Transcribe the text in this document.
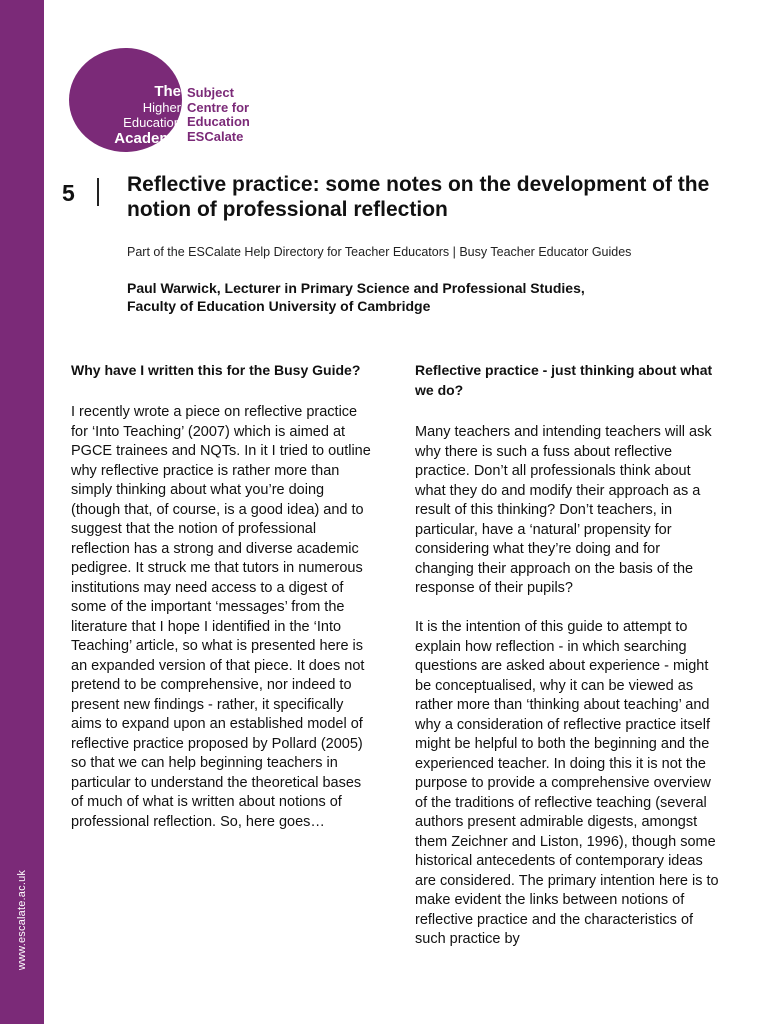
www.escalate.ac.uk
The
Higher
Education
Academy
Subject
Centre for
Education
ESCalate
5 Reflective practice: some notes on the development of the notion of professional reflection
Part of the ESCalate Help Directory for Teacher Educators | Busy Teacher Educator Guides
Paul Warwick, Lecturer in Primary Science and Professional Studies,
Faculty of Education University of Cambridge
Why have I written this for the Busy Guide?

I recently wrote a piece on reflective practice for ‘Into Teaching’ (2007) which is aimed at PGCE trainees and NQTs. In it I tried to outline why reflective practice is rather more than simply thinking about what you’re doing (though that, of course, is a good idea) and to suggest that the notion of professional reflection has a strong and diverse academic pedigree. It struck me that tutors in numerous institutions may need access to a digest of some of the important ‘messages’ from the literature that I hope I identified in the ‘Into Teaching’ article, so what is presented here is an expanded version of that piece. It does not pretend to be comprehensive, nor indeed to present new findings - rather, it specifically aims to expand upon an established model of reflective practice proposed by Pollard (2005) so that we can help beginning teachers in particular to understand the theoretical bases of much of what is written about notions of professional reflection. So, here goes…

Reflective practice - just thinking about what we do?

Many teachers and intending teachers will ask why there is such a fuss about reflective practice. Don’t all professionals think about what they do and modify their approach as a result of this thinking? Don’t teachers, in particular, have a ‘natural’ propensity for considering what they’re doing and for changing their approach on the basis of the response of their pupils?

It is the intention of this guide to attempt to explain how reflection - in which searching questions are asked about experience - might be conceptualised, why it can be viewed as rather more than ‘thinking about teaching’ and why a consideration of reflective practice itself might be helpful to both the beginning and the experienced teacher. In doing this it is not the purpose to provide a comprehensive overview of the traditions of reflective teaching (several authors present admirable digests, amongst them Zeichner and Liston, 1996), though some historical antecedents of contemporary ideas are considered. The primary intention here is to make evident the links between notions of reflective practice and the characteristics of such practice by
